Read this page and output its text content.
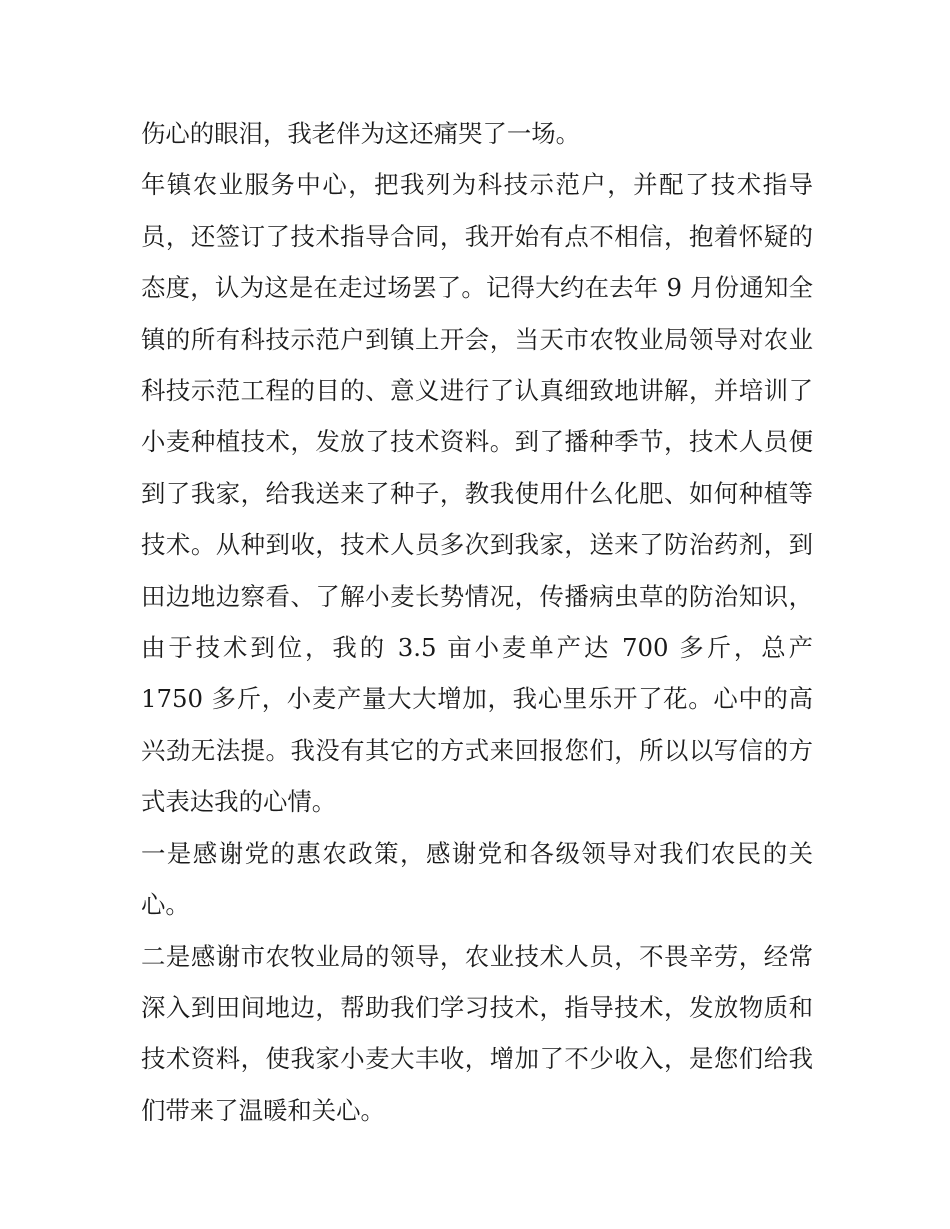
伤心的眼泪，我老伴为这还痛哭了一场。

年镇农业服务中心，把我列为科技示范户，并配了技术指导员，还签订了技术指导合同，我开始有点不相信，抱着怀疑的态度，认为这是在走过场罢了。记得大约在去年 9 月份通知全镇的所有科技示范户到镇上开会，当天市农牧业局领导对农业科技示范工程的目的、意义进行了认真细致地讲解，并培训了小麦种植技术，发放了技术资料。到了播种季节，技术人员便到了我家，给我送来了种子，教我使用什么化肥、如何种植等技术。从种到收，技术人员多次到我家，送来了防治药剂，到田边地边察看、了解小麦长势情况，传播病虫草的防治知识，由于技术到位，我的 3.5 亩小麦单产达 700 多斤，总产 1750 多斤，小麦产量大大增加，我心里乐开了花。心中的高兴劲无法提。我没有其它的方式来回报您们，所以以写信的方式表达我的心情。

一是感谢党的惠农政策，感谢党和各级领导对我们农民的关心。

二是感谢市农牧业局的领导，农业技术人员，不畏辛劳，经常深入到田间地边，帮助我们学习技术，指导技术，发放物质和技术资料，使我家小麦大丰收，增加了不少收入，是您们给我们带来了温暖和关心。
